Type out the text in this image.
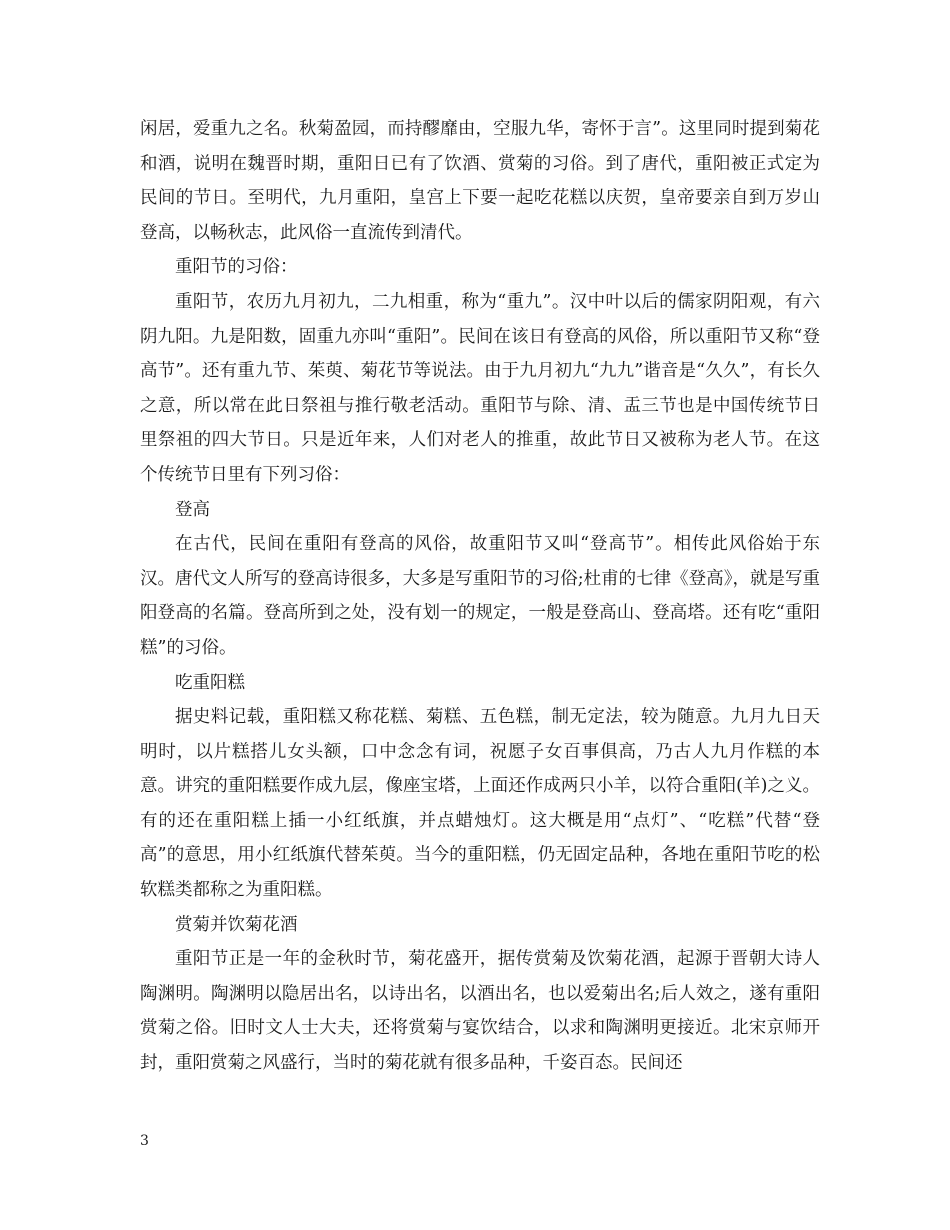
闲居，爱重九之名。秋菊盈园，而持醪靡由，空服九华，寄怀于言”。这里同时提到菊花和酒，说明在魏晋时期，重阳日已有了饮酒、赏菊的习俗。到了唐代，重阳被正式定为民间的节日。至明代，九月重阳，皇宫上下要一起吃花糕以庆贺，皇帝要亲自到万岁山登高，以畅秋志，此风俗一直流传到清代。

重阳节的习俗：

重阳节，农历九月初九，二九相重，称为“重九”。汉中叶以后的儒家阴阳观，有六阴九阳。九是阳数，固重九亦叫“重阳”。民间在该日有登高的风俗，所以重阳节又称“登高节”。还有重九节、茱萸、菊花节等说法。由于九月初九“九九”谐音是“久久”，有长久之意，所以常在此日祭祖与推行敬老活动。重阳节与除、清、盂三节也是中国传统节日里祭祖的四大节日。只是近年来，人们对老人的推重，故此节日又被称为老人节。在这个传统节日里有下列习俗：

登高

在古代，民间在重阳有登高的风俗，故重阳节又叫“登高节”。相传此风俗始于东汉。唐代文人所写的登高诗很多，大多是写重阳节的习俗;杜甫的七律《登高》，就是写重阳登高的名篇。登高所到之处，没有划一的规定，一般是登高山、登高塔。还有吃“重阳糕”的习俗。

吃重阳糕

据史料记载，重阳糕又称花糕、菊糕、五色糕，制无定法，较为随意。九月九日天明时，以片糕搭儿女头额，口中念念有词，祝愿子女百事俱高，乃古人九月作糕的本意。讲究的重阳糕要作成九层，像座宝塔，上面还作成两只小羊，以符合重阳(羊)之义。有的还在重阳糕上插一小红纸旗，并点蜡烛灯。这大概是用“点灯”、“吃糕”代替“登高”的意思，用小红纸旗代替茱萸。当今的重阳糕，仍无固定品种，各地在重阳节吃的松软糕类都称之为重阳糕。

赏菊并饮菊花酒

重阳节正是一年的金秋时节，菊花盛开，据传赏菊及饮菊花酒，起源于晋朝大诗人陶渊明。陶渊明以隐居出名，以诗出名，以酒出名，也以爱菊出名;后人效之，遂有重阳赏菊之俗。旧时文人士大夫，还将赏菊与宴饮结合，以求和陶渊明更接近。北宋京师开封，重阳赏菊之风盛行，当时的菊花就有很多品种，千姿百态。民间还

3
